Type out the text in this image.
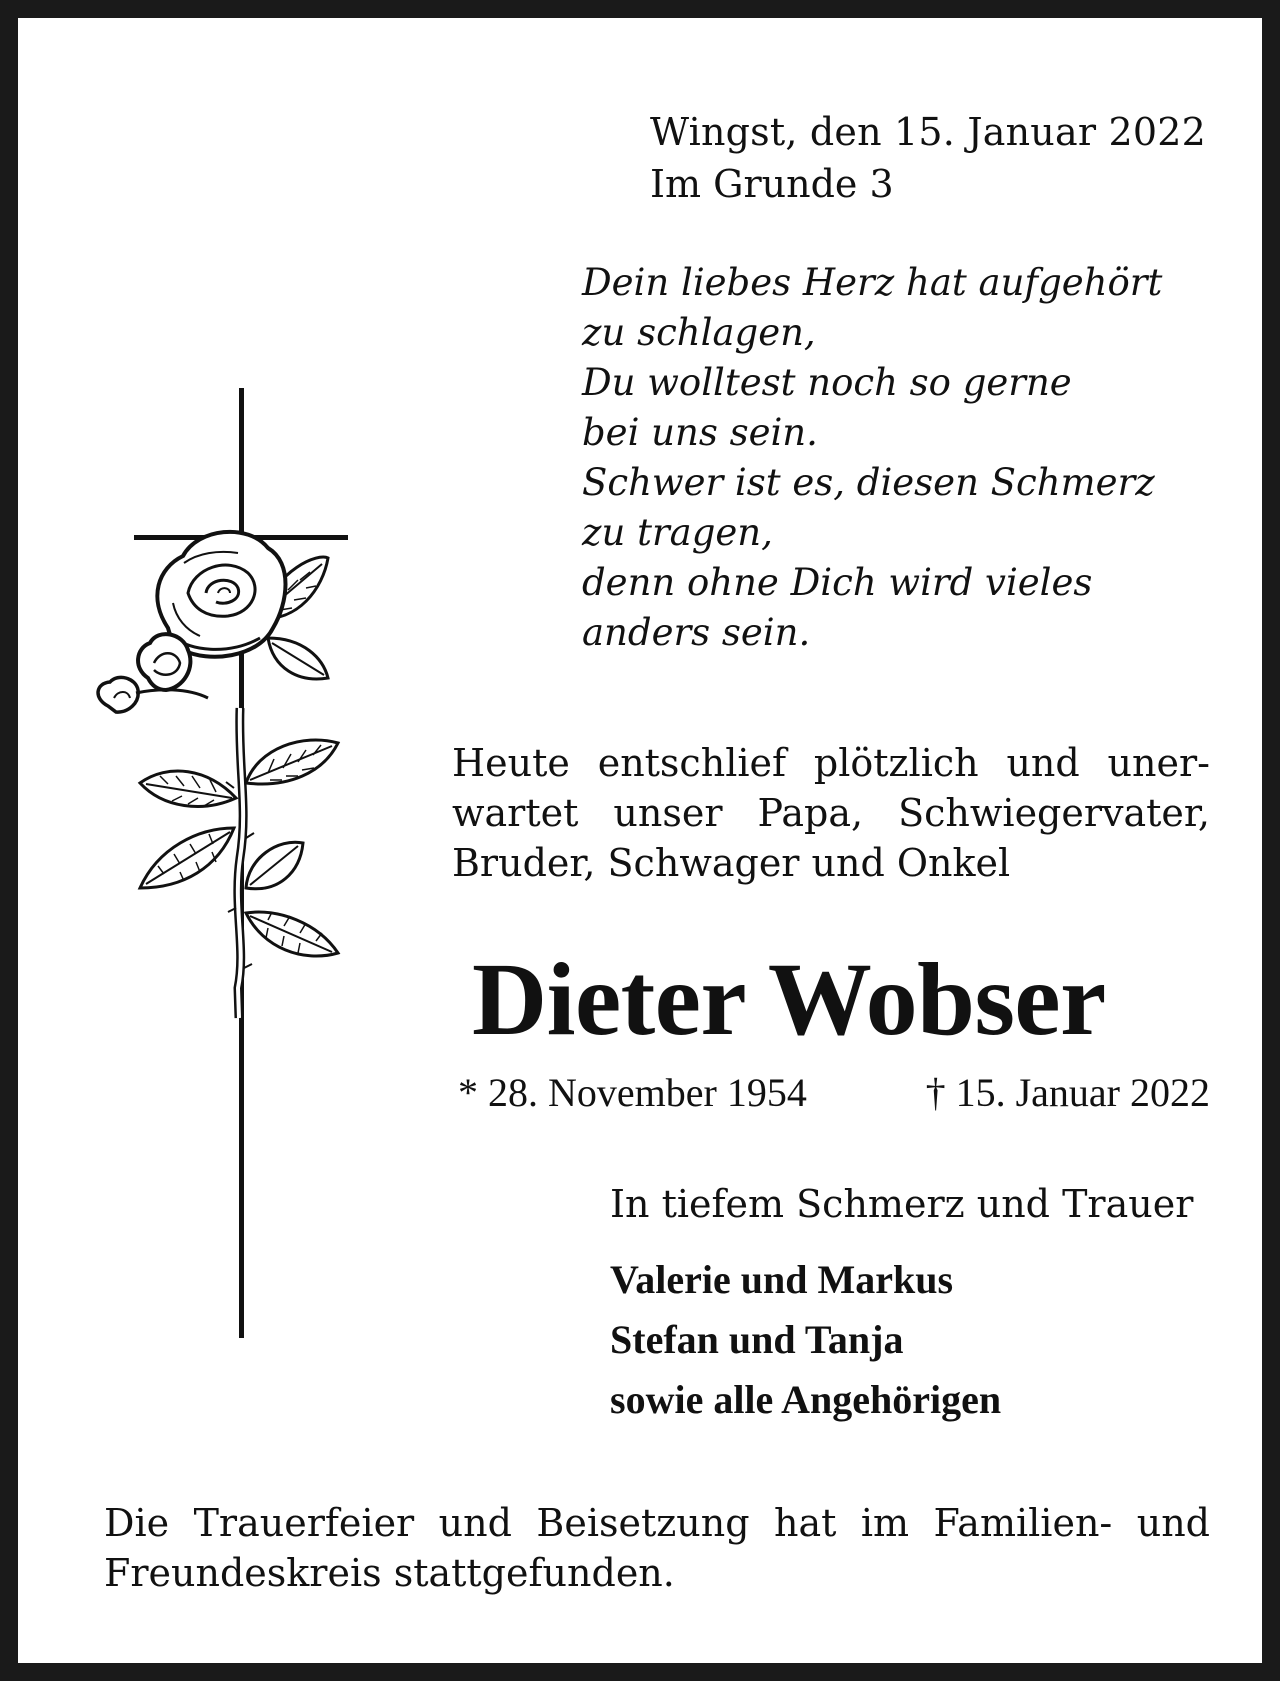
Wingst, den 15. Januar 2022

Im Grunde 3

Dein liebes Herz hat aufgehört
zu schlagen,
Du wolltest noch so gerne
bei uns sein.
Schwer ist es, diesen Schmerz
zu tragen,
denn ohne Dich wird vieles
anders sein.
Heute entschlief plötzlich und uner-
wartet unser Papa, Schwiegervater,
Bruder, Schwager und Onkel
Dieter Wobser
* 28. November 1954	† 15. Januar 2022

In tiefem Schmerz und Trauer

Valerie und Markus
Stefan und Tanja
sowie alle Angehörigen
Die Trauerfeier und Beisetzung hat im Familien- und
Freundeskreis stattgefunden.
